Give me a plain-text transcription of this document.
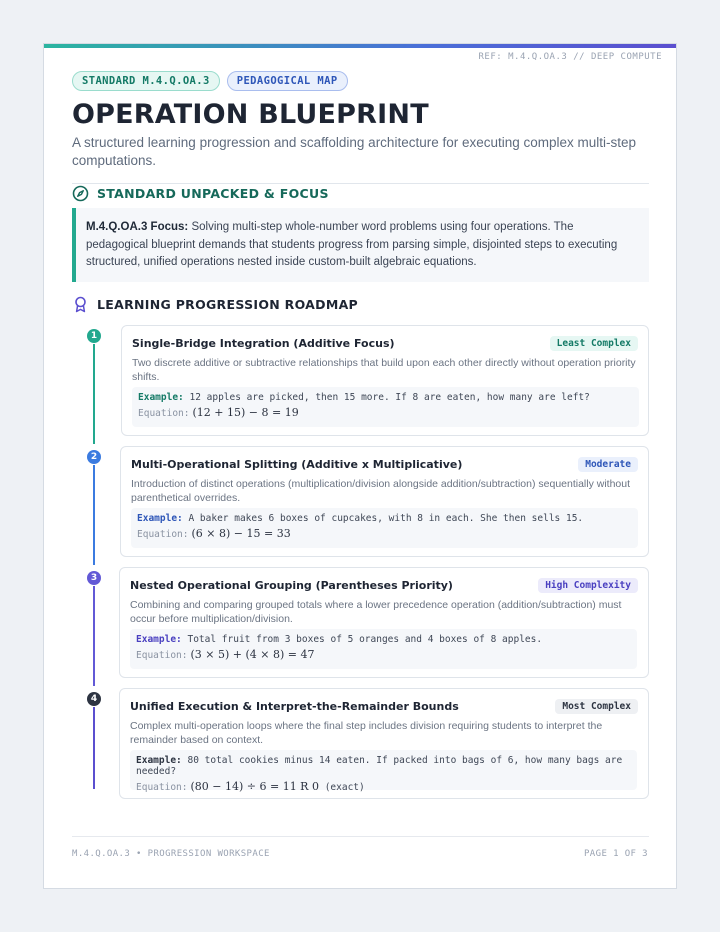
REF: M.4.Q.OA.3 // DEEP COMPUTE
STANDARD M.4.Q.OA.3	PEDAGOGICAL MAP
OPERATION BLUEPRINT
A structured learning progression and scaffolding architecture for executing complex multi-step computations.
STANDARD UNPACKED & FOCUS
M.4.Q.OA.3 Focus: Solving multi-step whole-number word problems using four operations. The pedagogical blueprint demands that students progress from parsing simple, disjointed steps to executing structured, unified operations nested inside custom-built algebraic equations.
LEARNING PROGRESSION ROADMAP
1
2
3
4
Single-Bridge Integration (Additive Focus)	Least Complex
Two discrete additive or subtractive relationships that build upon each other directly without operation priority shifts.
Example: 12 apples are picked, then 15 more. If 8 are eaten, how many are left?
Equation: (12 + 15) − 8 = 19
Multi-Operational Splitting (Additive x Multiplicative)	Moderate
Introduction of distinct operations (multiplication/division alongside addition/subtraction) sequentially without parenthetical overrides.
Example: A baker makes 6 boxes of cupcakes, with 8 in each. She then sells 15.
Equation: (6 × 8) − 15 = 33
Nested Operational Grouping (Parentheses Priority)	High Complexity
Combining and comparing grouped totals where a lower precedence operation (addition/subtraction) must occur before multiplication/division.
Example: Total fruit from 3 boxes of 5 oranges and 4 boxes of 8 apples.
Equation: (3 × 5) + (4 × 8) = 47
Unified Execution & Interpret-the-Remainder Bounds	Most Complex
Complex multi-operation loops where the final step includes division requiring students to interpret the remainder based on context.
Example: 80 total cookies minus 14 eaten. If packed into bags of 6, how many bags are needed?
Equation: (80 − 14) ÷ 6 = 11 R 0 (exact)
M.4.Q.OA.3 • PROGRESSION WORKSPACE	PAGE 1 OF 3
